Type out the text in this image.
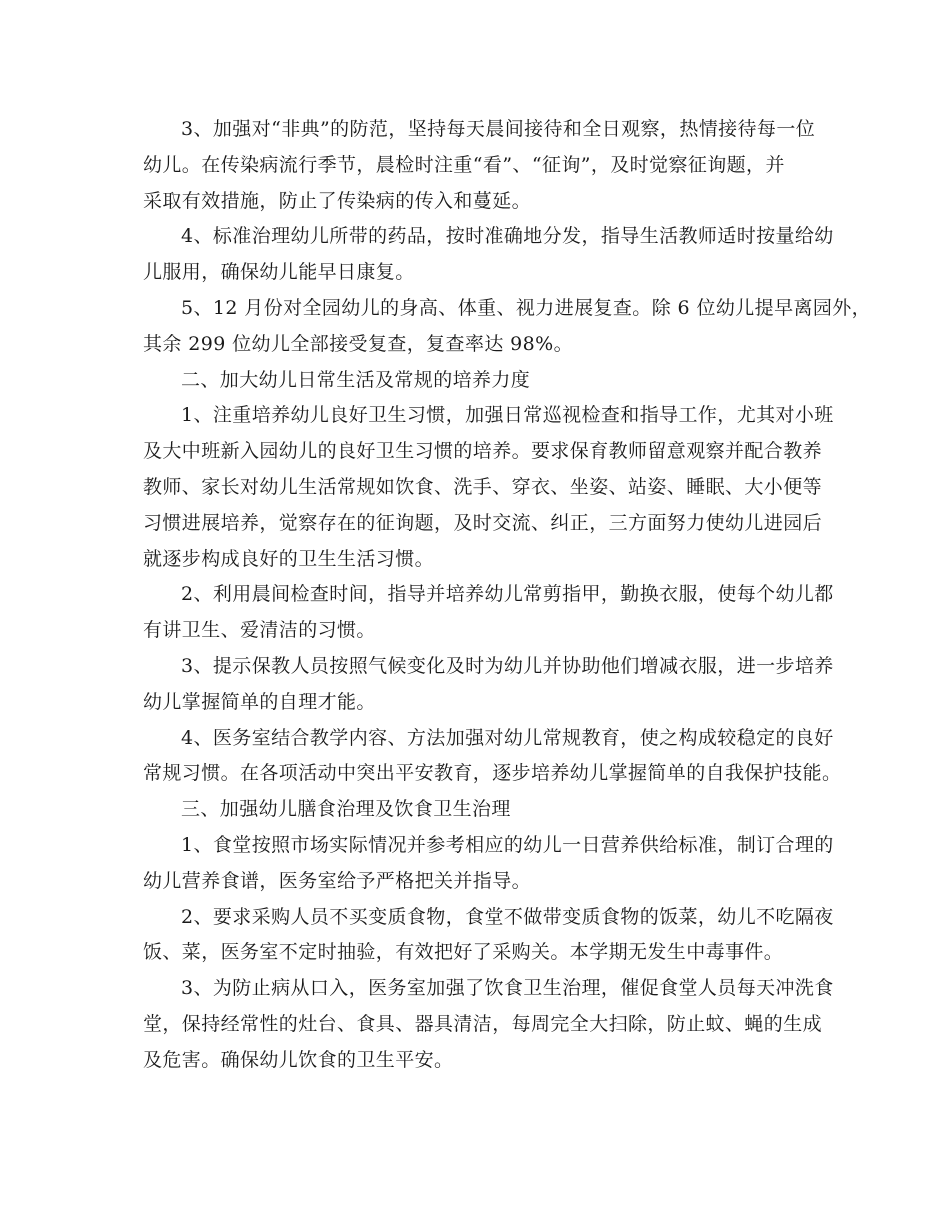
3、加强对“非典”的防范，坚持每天晨间接待和全日观察，热情接待每一位
幼儿。在传染病流行季节，晨检时注重“看”、“征询”，及时觉察征询题，并
采取有效措施，防止了传染病的传入和蔓延。
4、标准治理幼儿所带的药品，按时准确地分发，指导生活教师适时按量给幼
儿服用，确保幼儿能早日康复。
5、12 月份对全园幼儿的身高、体重、视力进展复查。除 6 位幼儿提早离园外，
其余 299 位幼儿全部接受复查，复查率达 98%。
二、加大幼儿日常生活及常规的培养力度
1、注重培养幼儿良好卫生习惯，加强日常巡视检查和指导工作，尤其对小班
及大中班新入园幼儿的良好卫生习惯的培养。要求保育教师留意观察并配合教养
教师、家长对幼儿生活常规如饮食、洗手、穿衣、坐姿、站姿、睡眠、大小便等
习惯进展培养，觉察存在的征询题，及时交流、纠正，三方面努力使幼儿进园后
就逐步构成良好的卫生生活习惯。
2、利用晨间检查时间，指导并培养幼儿常剪指甲，勤换衣服，使每个幼儿都
有讲卫生、爱清洁的习惯。
3、提示保教人员按照气候变化及时为幼儿并协助他们增减衣服，进一步培养
幼儿掌握简单的自理才能。
4、医务室结合教学内容、方法加强对幼儿常规教育，使之构成较稳定的良好
常规习惯。在各项活动中突出平安教育，逐步培养幼儿掌握简单的自我保护技能。
三、加强幼儿膳食治理及饮食卫生治理
1、食堂按照市场实际情况并参考相应的幼儿一日营养供给标准，制订合理的
幼儿营养食谱，医务室给予严格把关并指导。
2、要求采购人员不买变质食物，食堂不做带变质食物的饭菜，幼儿不吃隔夜
饭、菜，医务室不定时抽验，有效把好了采购关。本学期无发生中毒事件。
3、为防止病从口入，医务室加强了饮食卫生治理，催促食堂人员每天冲洗食
堂，保持经常性的灶台、食具、器具清洁，每周完全大扫除，防止蚊、蝇的生成
及危害。确保幼儿饮食的卫生平安。
